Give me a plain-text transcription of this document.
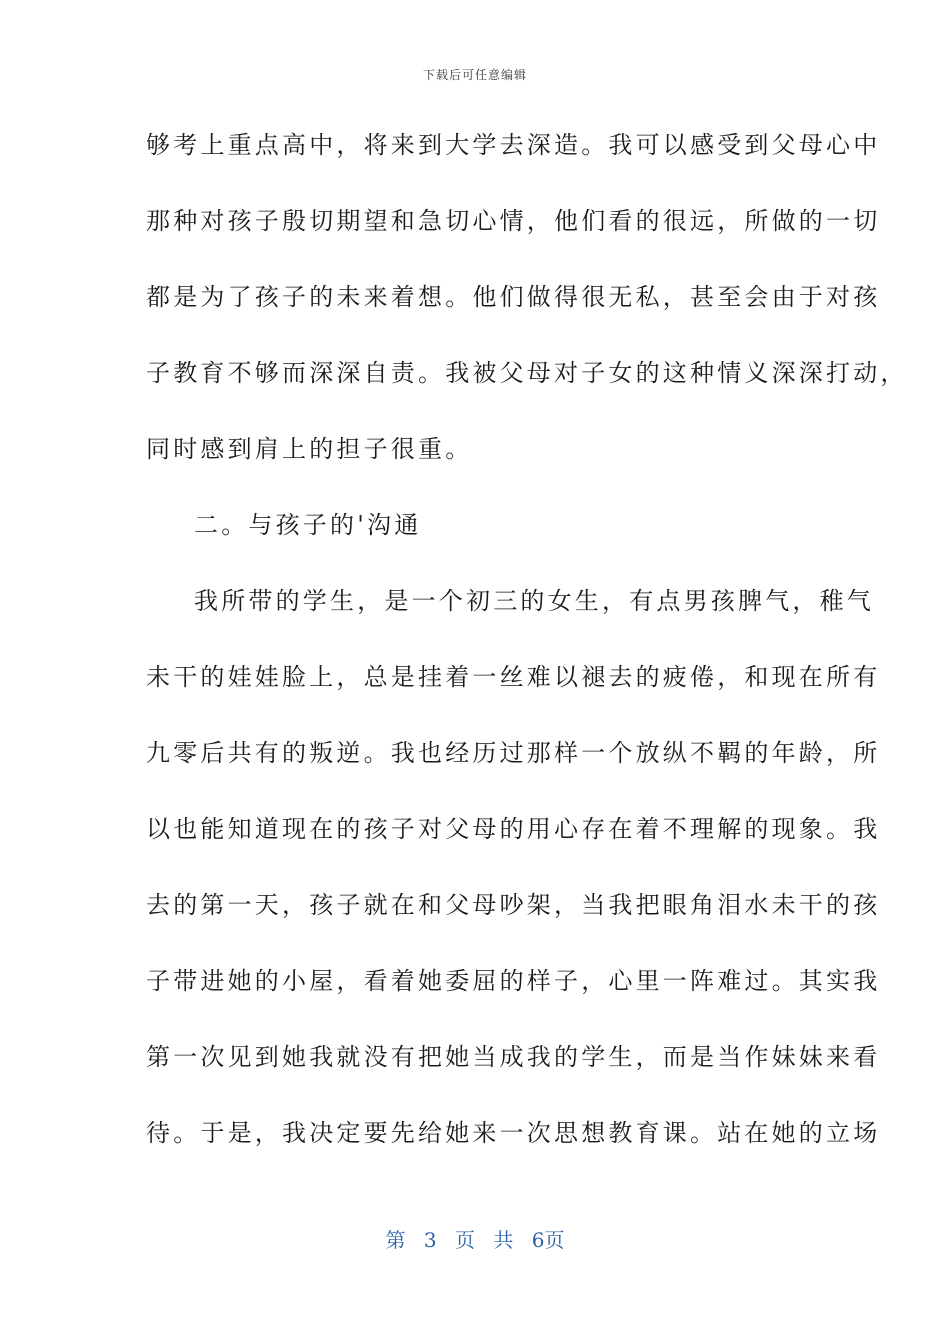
下载后可任意编辑
够考上重点高中，将来到大学去深造。我可以感受到父母心中
那种对孩子殷切期望和急切心情，他们看的很远，所做的一切
都是为了孩子的未来着想。他们做得很无私，甚至会由于对孩
子教育不够而深深自责。我被父母对子女的这种情义深深打动，
同时感到肩上的担子很重。
二。与孩子的'沟通
我所带的学生，是一个初三的女生，有点男孩脾气，稚气
未干的娃娃脸上，总是挂着一丝难以褪去的疲倦，和现在所有
九零后共有的叛逆。我也经历过那样一个放纵不羁的年龄，所
以也能知道现在的孩子对父母的用心存在着不理解的现象。我
去的第一天，孩子就在和父母吵架，当我把眼角泪水未干的孩
子带进她的小屋，看着她委屈的样子，心里一阵难过。其实我
第一次见到她我就没有把她当成我的学生，而是当作妹妹来看
待。于是，我决定要先给她来一次思想教育课。站在她的立场
第 3 页 共 6页
